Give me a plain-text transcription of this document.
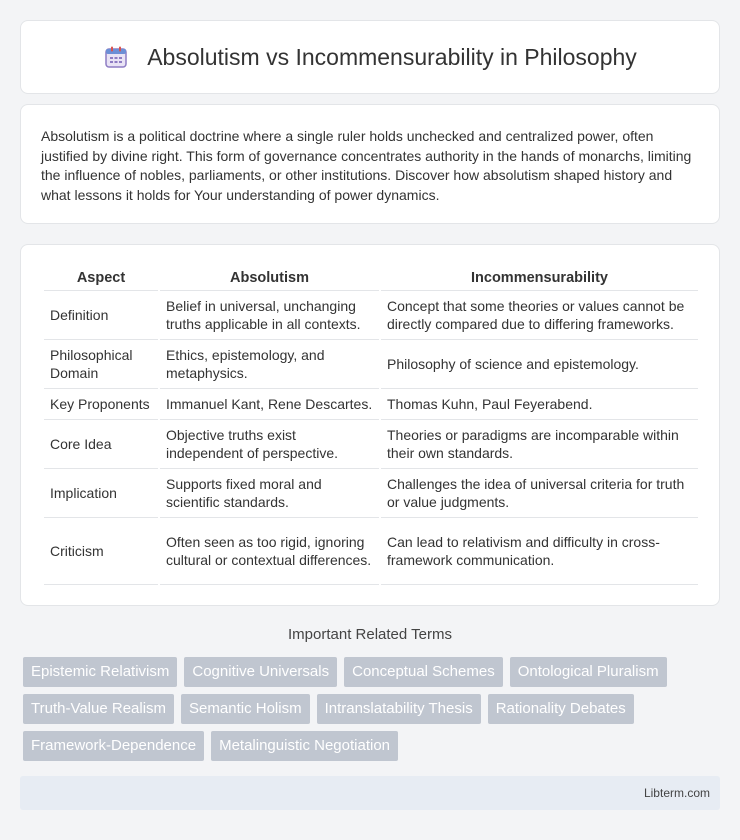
Absolutism vs Incommensurability in Philosophy

Absolutism is a political doctrine where a single ruler holds unchecked and centralized power, often justified by divine right. This form of governance concentrates authority in the hands of monarchs, limiting the influence of nobles, parliaments, or other institutions. Discover how absolutism shaped history and what lessons it holds for Your understanding of power dynamics.

Aspect	Absolutism	Incommensurability
Definition	Belief in universal, unchanging truths applicable in all contexts.	Concept that some theories or values cannot be directly compared due to differing frameworks.
Philosophical Domain	Ethics, epistemology, and metaphysics.	Philosophy of science and epistemology.
Key Proponents	Immanuel Kant, Rene Descartes.	Thomas Kuhn, Paul Feyerabend.
Core Idea	Objective truths exist independent of perspective.	Theories or paradigms are incomparable within their own standards.
Implication	Supports fixed moral and scientific standards.	Challenges the idea of universal criteria for truth or value judgments.
Criticism	Often seen as too rigid, ignoring cultural or contextual differences.	Can lead to relativism and difficulty in cross-framework communication.
Important Related Terms
Epistemic Relativism	Cognitive Universals	Conceptual Schemes	Ontological Pluralism
Truth-Value Realism	Semantic Holism	Intranslatability Thesis	Rationality Debates
Framework-Dependence	Metalinguistic Negotiation
Libterm.com
